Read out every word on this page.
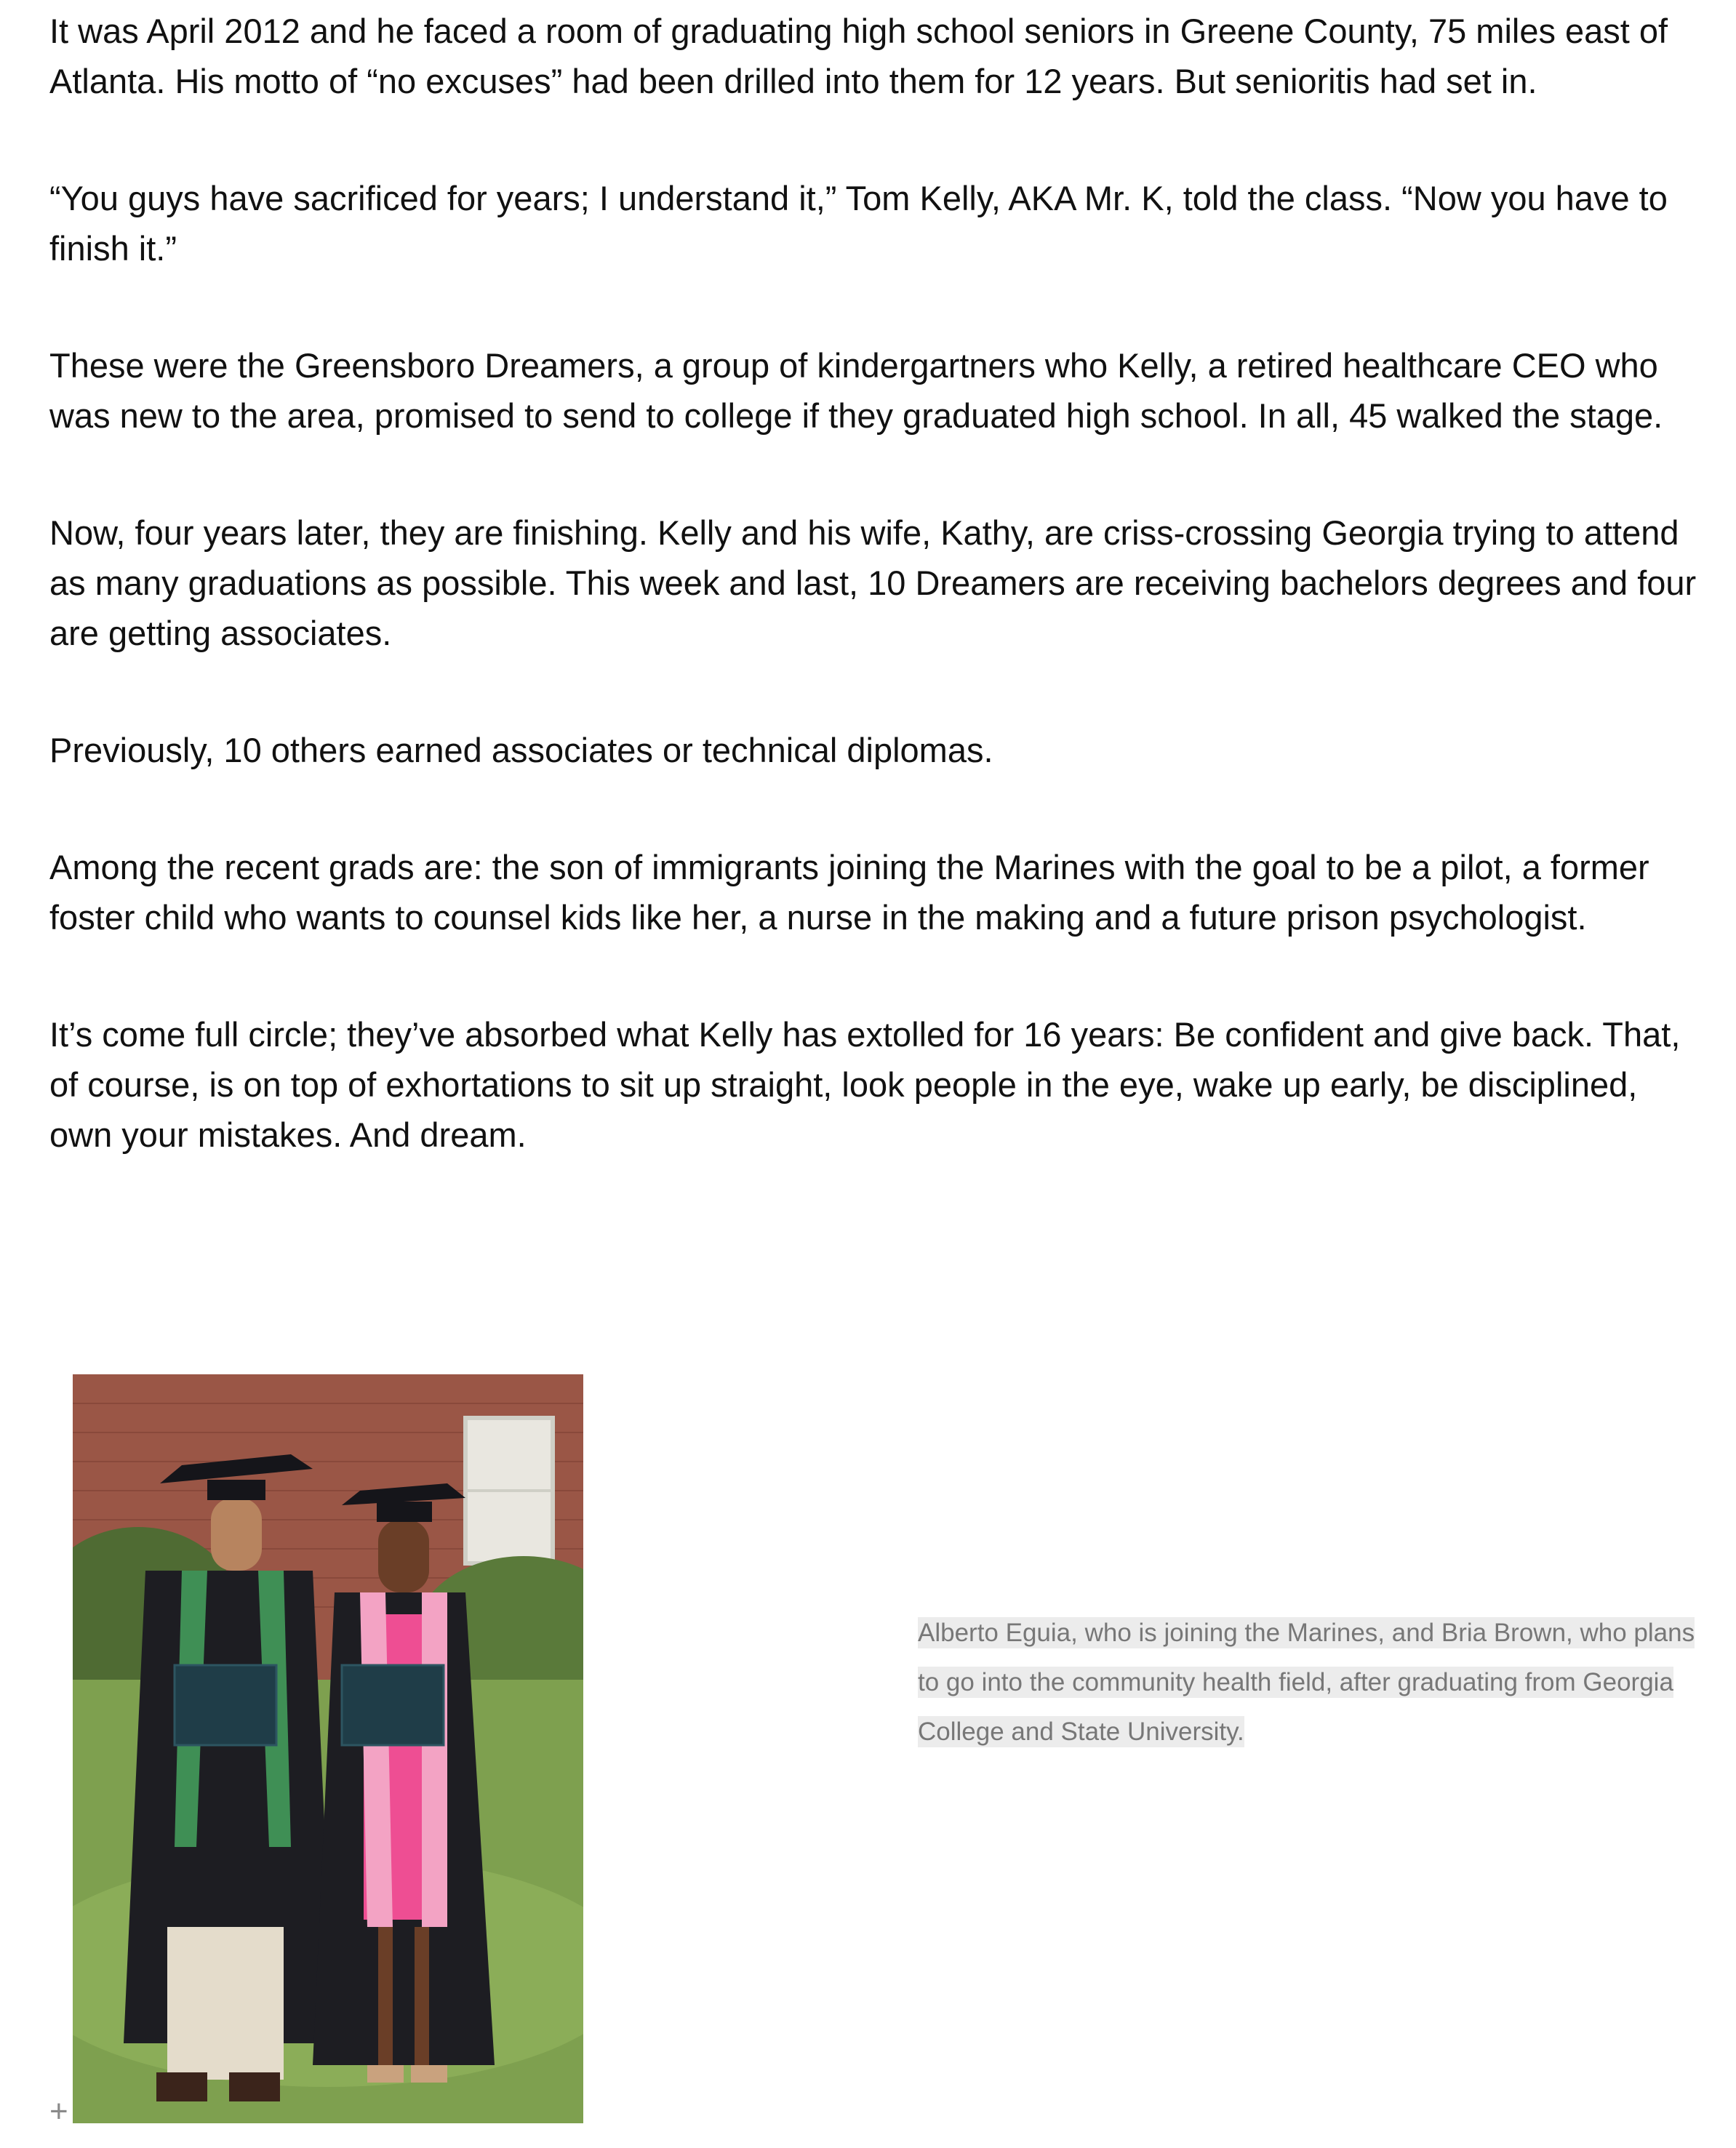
It was April 2012 and he faced a room of graduating high school seniors in Greene County, 75 miles east of Atlanta. His motto of “no excuses” had been drilled into them for 12 years. But senioritis had set in.

“You guys have sacrificed for years; I understand it,” Tom Kelly, AKA Mr. K, told the class. “Now you have to finish it.”

These were the Greensboro Dreamers, a group of kindergartners who Kelly, a retired healthcare CEO who was new to the area, promised to send to college if they graduated high school. In all, 45 walked the stage.

Now, four years later, they are finishing. Kelly and his wife, Kathy, are criss-crossing Georgia trying to attend as many graduations as possible. This week and last, 10 Dreamers are receiving bachelors degrees and four are getting associates.

Previously, 10 others earned associates or technical diplomas.

Among the recent grads are: the son of immigrants joining the Marines with the goal to be a pilot, a former foster child who wants to counsel kids like her, a nurse in the making and a future prison psychologist.

It’s come full circle; they’ve absorbed what Kelly has extolled for 16 years: Be confident and give back. That, of course, is on top of exhortations to sit up straight, look people in the eye, wake up early, be disciplined, own your mistakes. And dream.

Alberto Eguia, who is joining the Marines, and Bria Brown, who plans to go into the community health field, after graduating from Georgia College and State University.
+
